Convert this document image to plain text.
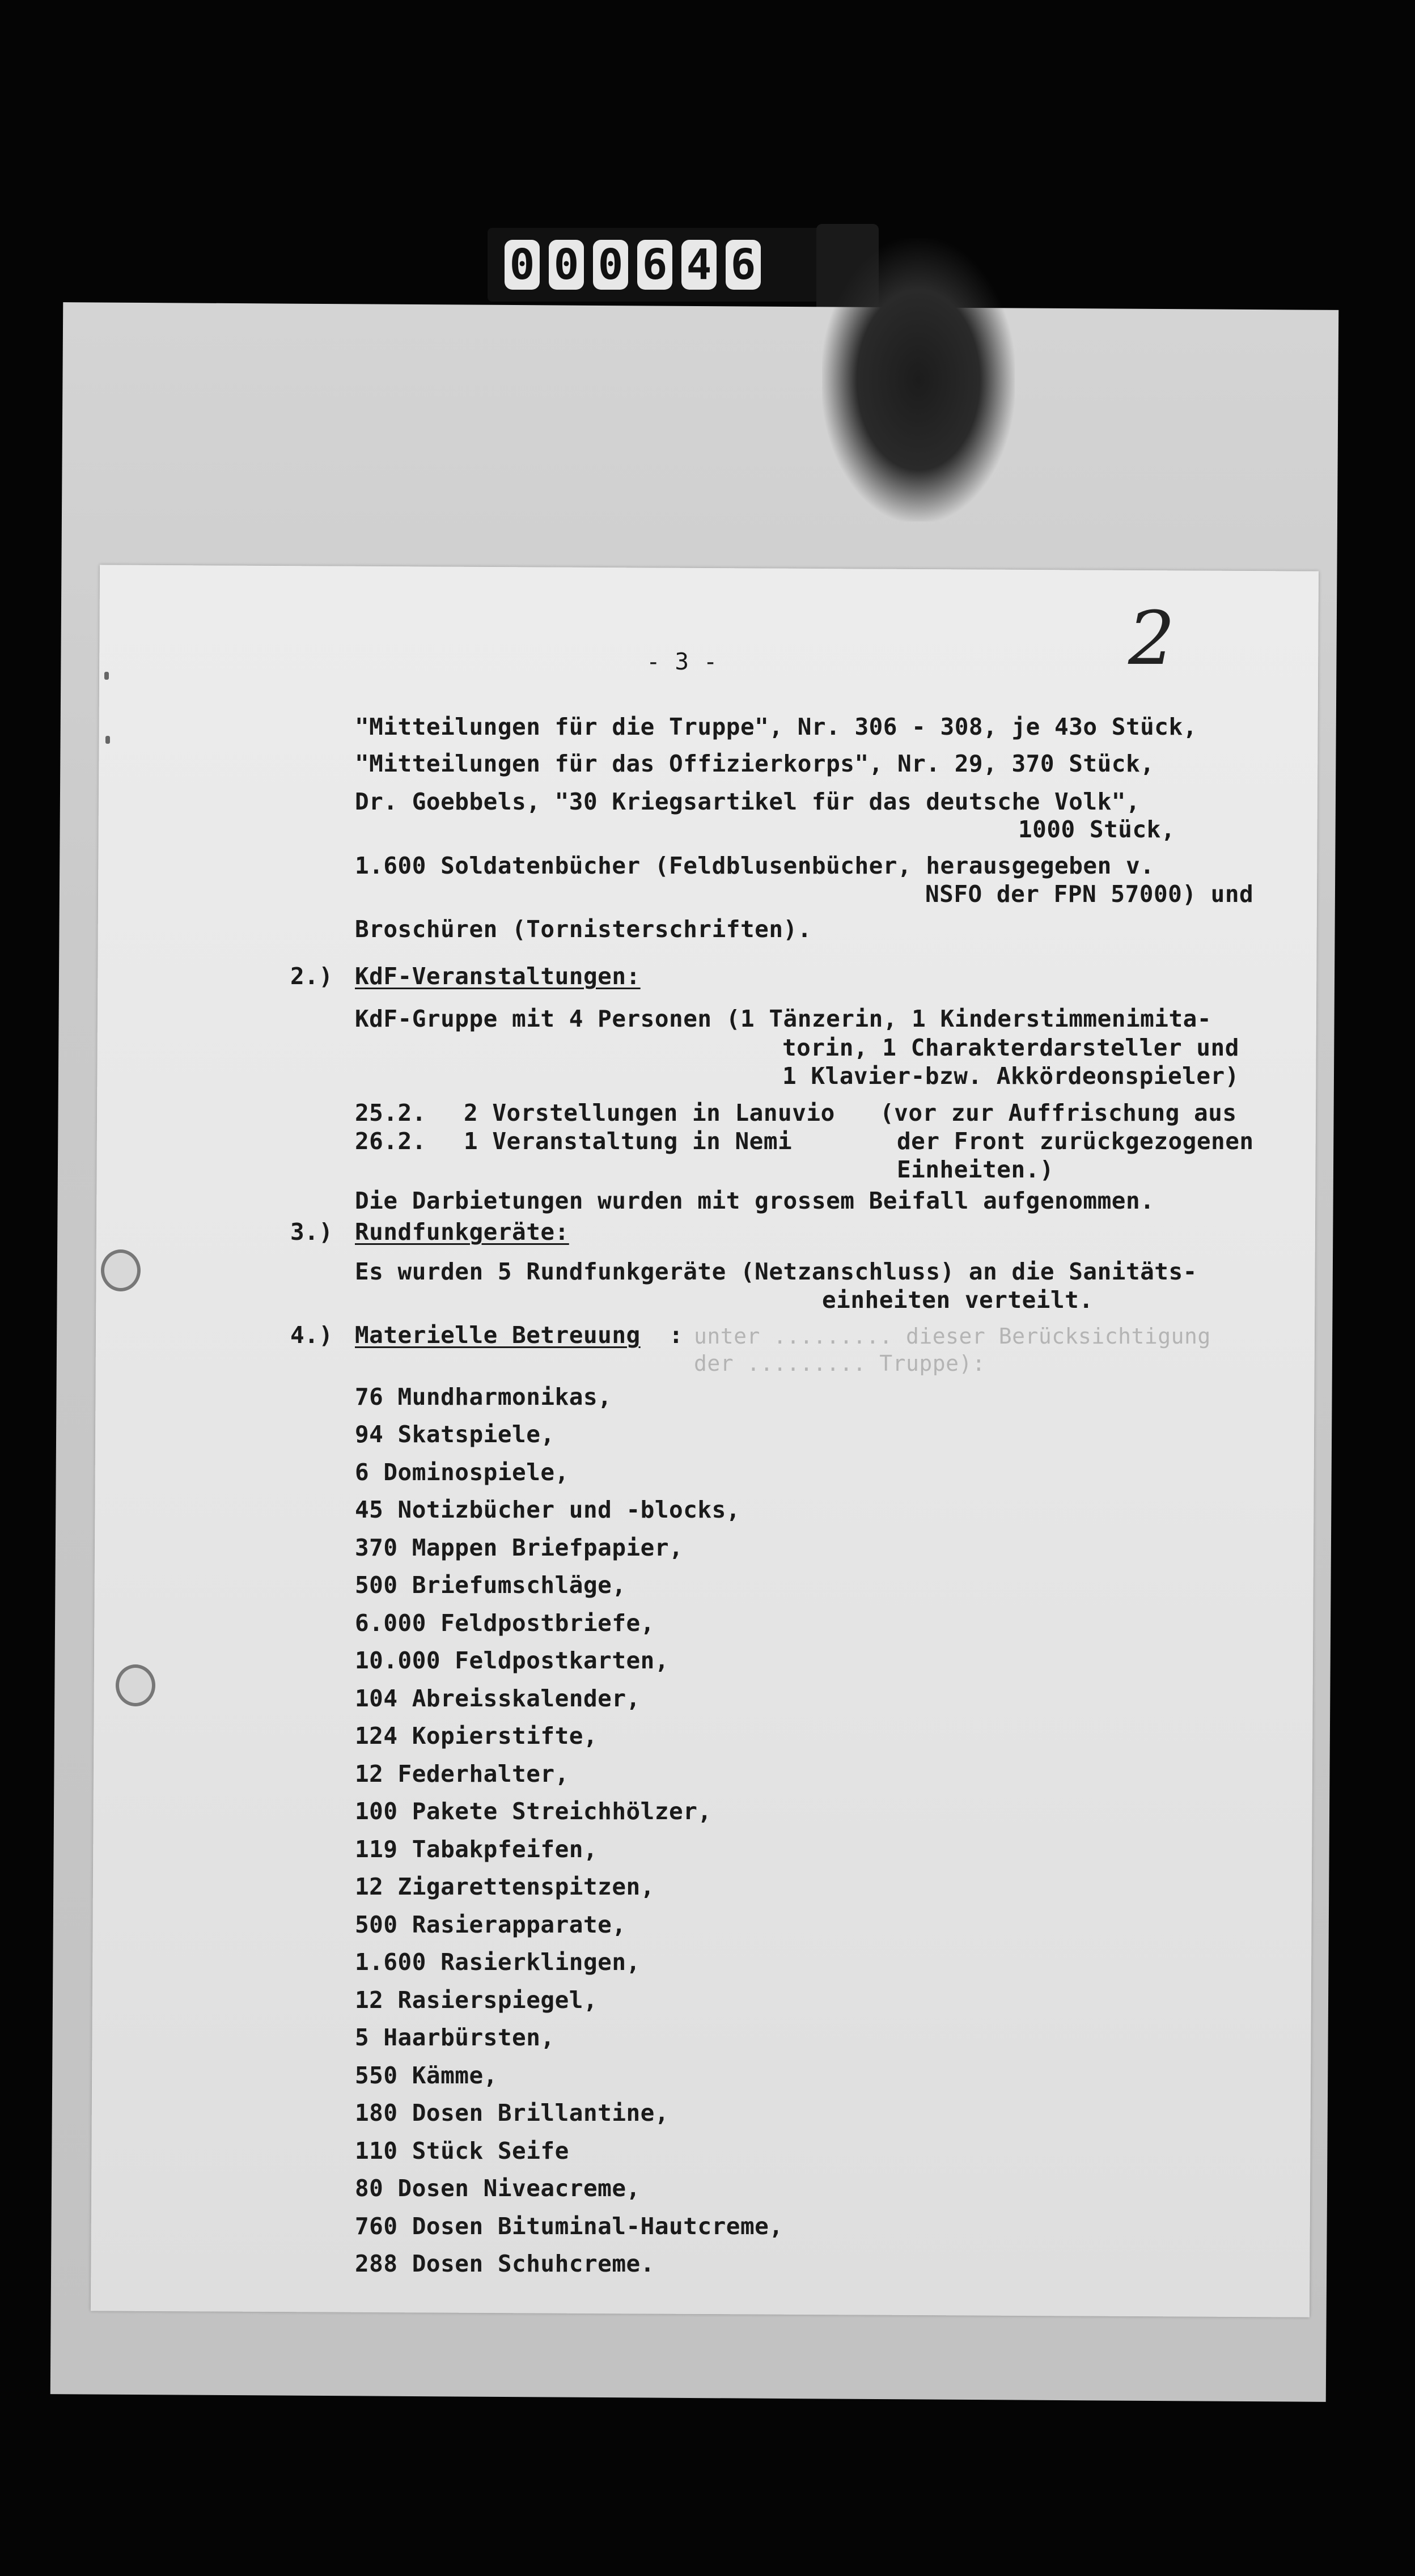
0 0 0 6 4 6
2
- 3 -
"Mitteilungen für die Truppe", Nr. 306 - 308, je 43o Stück,
"Mitteilungen für das Offizierkorps", Nr. 29, 370 Stück,
Dr. Goebbels, "30 Kriegsartikel für das deutsche Volk",
1000 Stück,
1.600 Soldatenbücher (Feldblusenbücher, herausgegeben v.
NSFO der FPN 57000) und
Broschüren (Tornisterschriften).
2.) KdF-Veranstaltungen:
KdF-Gruppe mit 4 Personen (1 Tänzerin, 1 Kinderstimmenimita-
torin, 1 Charakterdarsteller und
1 Klavier-bzw. Akkördeonspieler)
25.2. 2 Vorstellungen in Lanuvio (vor zur Auffrischung aus
26.2. 1 Veranstaltung in Nemi	der Front zurückgezogenen
Einheiten.)
Die Darbietungen wurden mit grossem Beifall aufgenommen.
3.) Rundfunkgeräte:
Es wurden 5 Rundfunkgeräte (Netzanschluss) an die Sanitäts-
einheiten verteilt.
4.) Materielle Betreuung : unter ......... dieser Berücksichtigung
der ......... Truppe):
76 Mundharmonikas,
94 Skatspiele,
6 Dominospiele,
45 Notizbücher und -blocks,
370 Mappen Briefpapier,
500 Briefumschläge,
6.000 Feldpostbriefe,
10.000 Feldpostkarten,
104 Abreisskalender,
124 Kopierstifte,
12 Federhalter,
100 Pakete Streichhölzer,
119 Tabakpfeifen,
12 Zigarettenspitzen,
500 Rasierapparate,
1.600 Rasierklingen,
12 Rasierspiegel,
5 Haarbürsten,
550 Kämme,
180 Dosen Brillantine,
110 Stück Seife
80 Dosen Niveacreme,
760 Dosen Bituminal-Hautcreme,
288 Dosen Schuhcreme.
